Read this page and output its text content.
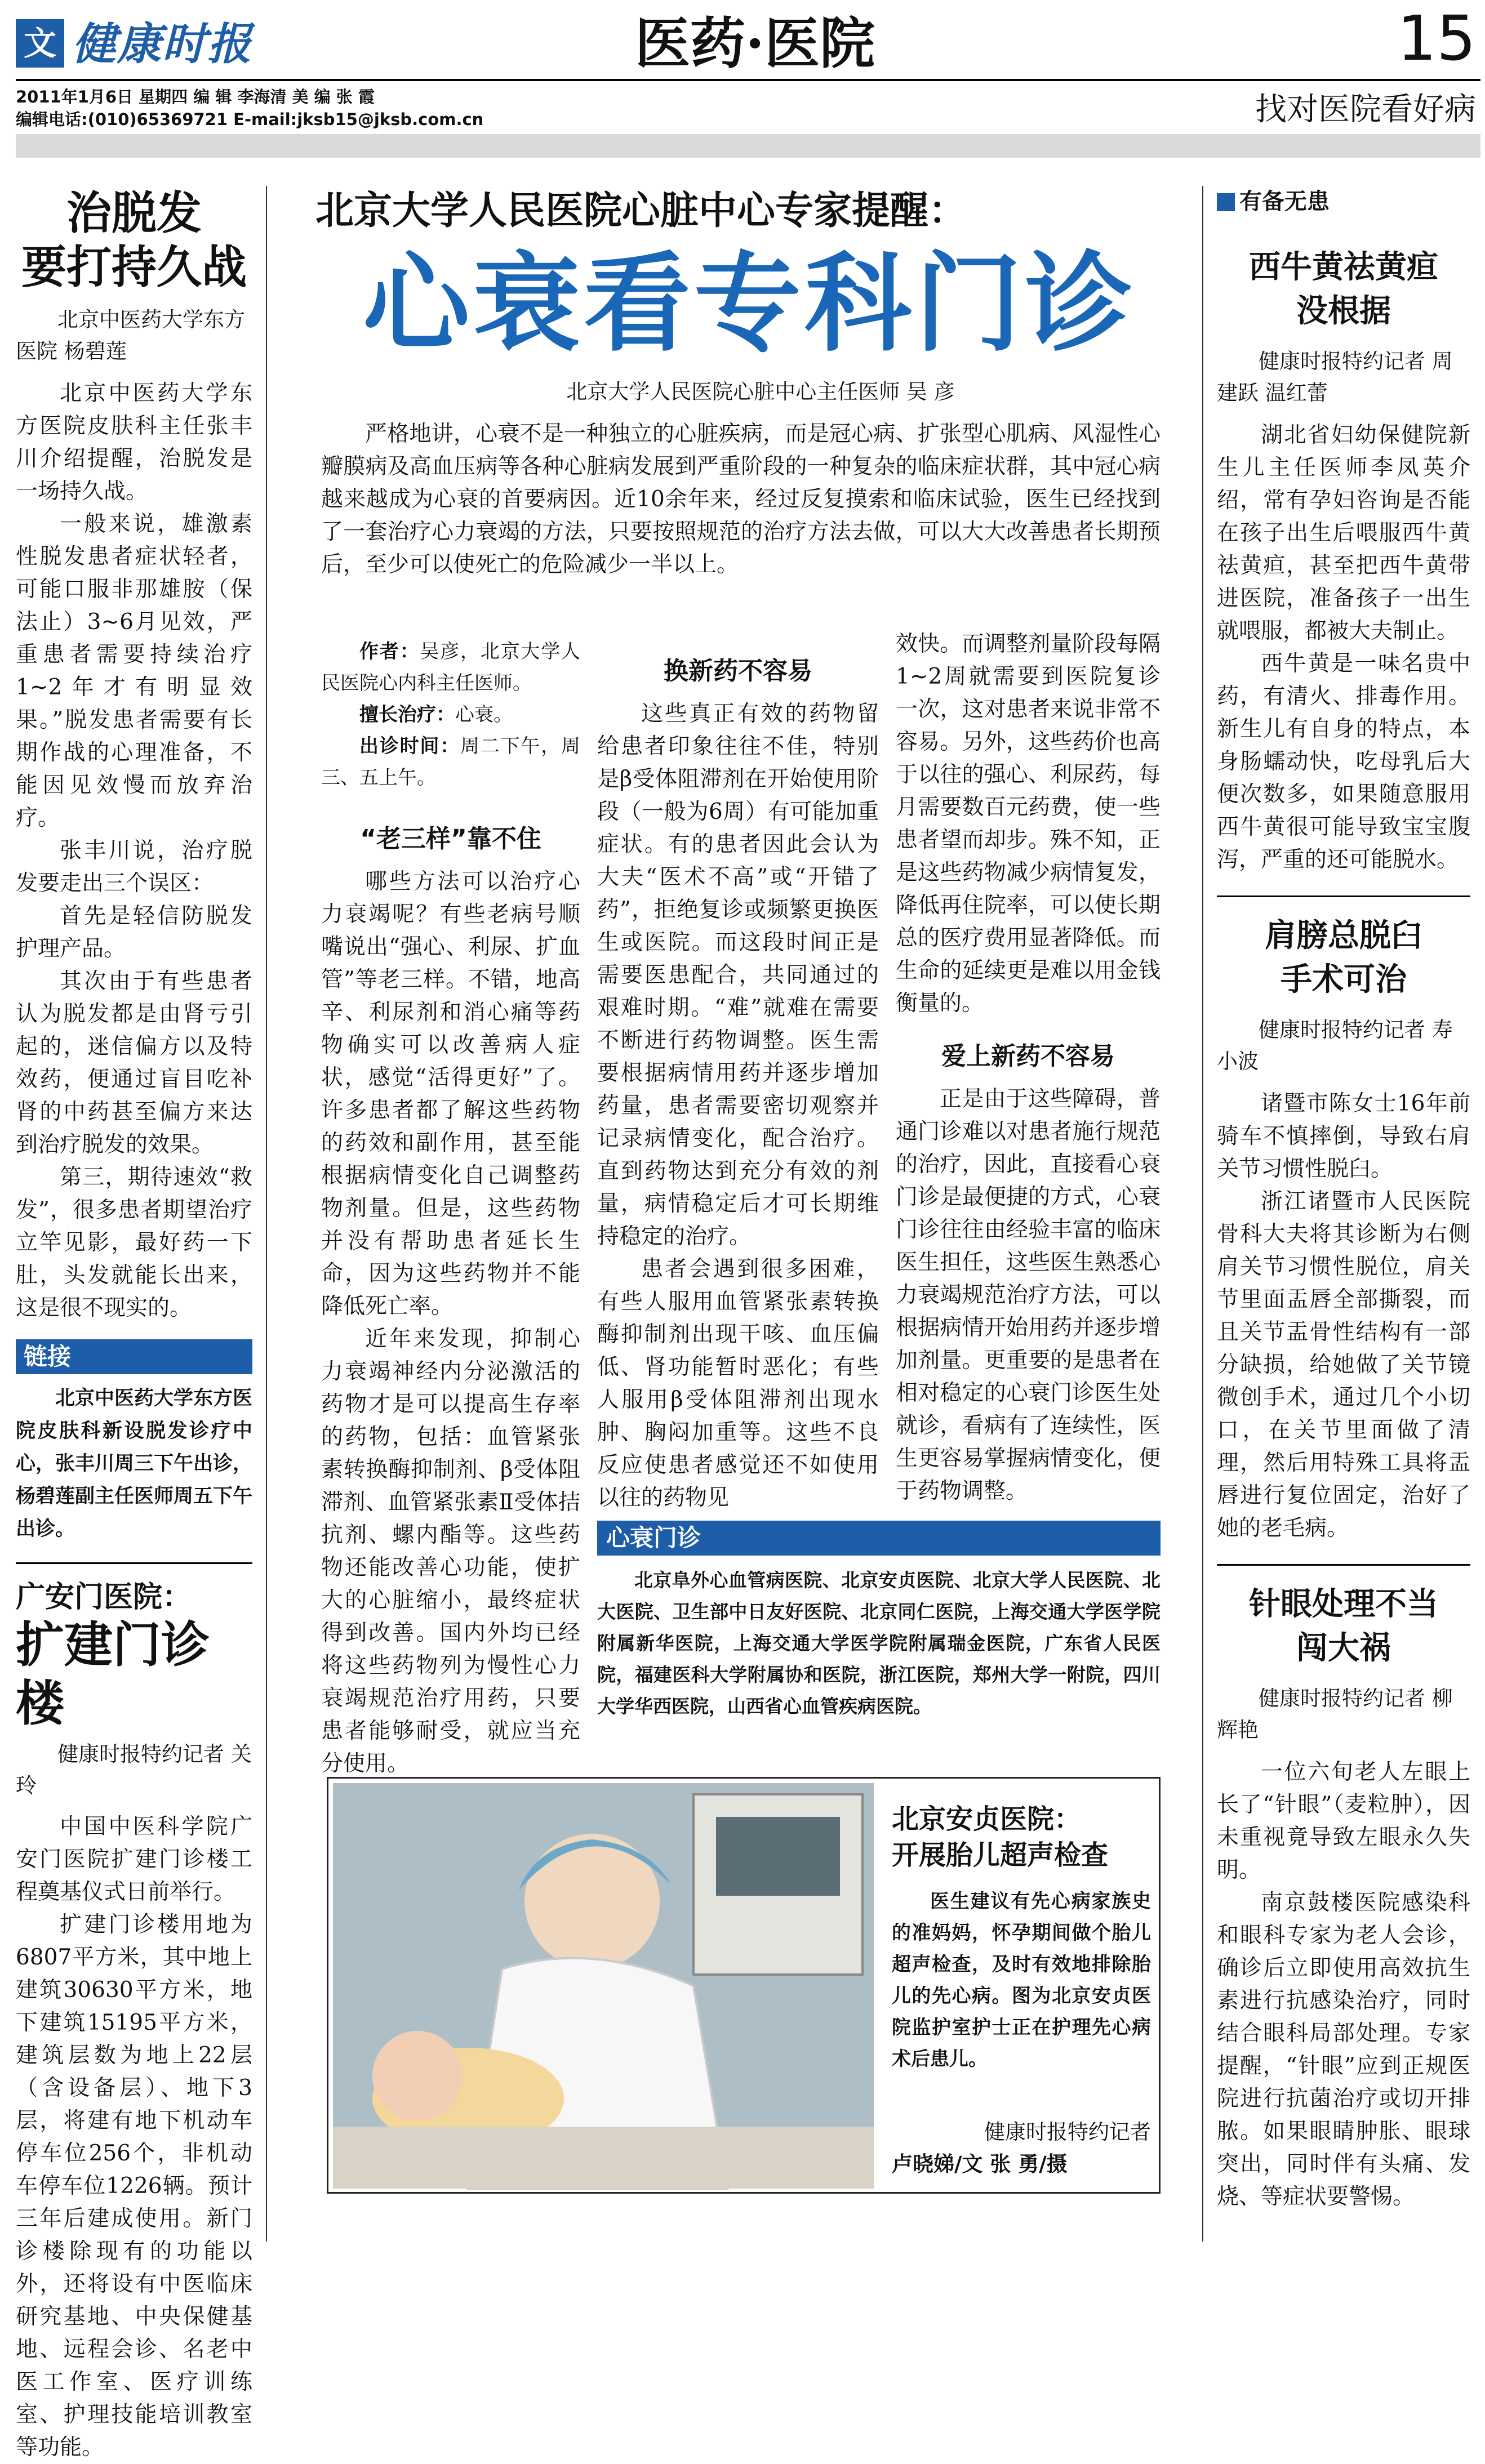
文 健康时报	医药·医院	15
2011年1月6日 星期四 编 辑 李海清 美 编 张 霞
编辑电话:(010)65369721 E-mail:jksb15@jksb.com.cn	找对医院看好病
治脱发
要打持久战
北京中医药大学东方医院 杨碧莲

北京中医药大学东方医院皮肤科主任张丰川介绍提醒，治脱发是一场持久战。

一般来说，雄激素性脱发患者症状轻者，可能口服非那雄胺（保法止）3~6月见效，严重患者需要持续治疗1~2年才有明显效果。”脱发患者需要有长期作战的心理准备，不能因见效慢而放弃治疗。

张丰川说，治疗脱发要走出三个误区：

首先是轻信防脱发护理产品。

其次由于有些患者认为脱发都是由肾亏引起的，迷信偏方以及特效药，便通过盲目吃补肾的中药甚至偏方来达到治疗脱发的效果。

第三，期待速效“救发”，很多患者期望治疗立竿见影，最好药一下肚，头发就能长出来，这是很不现实的。

链接
北京中医药大学东方医院皮肤科新设脱发诊疗中心，张丰川周三下午出诊，杨碧莲副主任医师周五下午出诊。
广安门医院：
扩建门诊楼
健康时报特约记者 关 玲

中国中医科学院广安门医院扩建门诊楼工程奠基仪式日前举行。

扩建门诊楼用地为6807平方米，其中地上建筑30630平方米，地下建筑15195平方米，建筑层数为地上22层（含设备层）、地下3层，将建有地下机动车停车位256个，非机动车停车位1226辆。预计三年后建成使用。新门诊楼除现有的功能以外，还将设有中医临床研究基地、中央保健基地、远程会诊、名老中医工作室、医疗训练室、护理技能培训教室等功能。

北京大学人民医院心脏中心专家提醒：
心衰看专科门诊
北京大学人民医院心脏中心主任医师 吴 彦
严格地讲，心衰不是一种独立的心脏疾病，而是冠心病、扩张型心肌病、风湿性心瓣膜病及高血压病等各种心脏病发展到严重阶段的一种复杂的临床症状群，其中冠心病越来越成为心衰的首要病因。近10余年来，经过反复摸索和临床试验，医生已经找到了一套治疗心力衰竭的方法，只要按照规范的治疗方法去做，可以大大改善患者长期预后，至少可以使死亡的危险减少一半以上。

作者：吴彦，北京大学人民医院心内科主任医师。

擅长治疗：心衰。

出诊时间：周二下午，周三、五上午。

“老三样”靠不住

哪些方法可以治疗心力衰竭呢？有些老病号顺嘴说出“强心、利尿、扩血管”等老三样。不错，地高辛、利尿剂和消心痛等药物确实可以改善病人症状，感觉“活得更好”了。许多患者都了解这些药物的药效和副作用，甚至能根据病情变化自己调整药物剂量。但是，这些药物并没有帮助患者延长生命，因为这些药物并不能降低死亡率。

近年来发现，抑制心力衰竭神经内分泌激活的药物才是可以提高生存率的药物，包括：血管紧张素转换酶抑制剂、β受体阻滞剂、血管紧张素Ⅱ受体拮抗剂、螺内酯等。这些药物还能改善心功能，使扩大的心脏缩小，最终症状得到改善。国内外均已经将这些药物列为慢性心力衰竭规范治疗用药，只要患者能够耐受，就应当充分使用。

换新药不容易

这些真正有效的药物留给患者印象往往不佳，特别是β受体阻滞剂在开始使用阶段（一般为6周）有可能加重症状。有的患者因此会认为大夫“医术不高”或“开错了药”，拒绝复诊或频繁更换医生或医院。而这段时间正是需要医患配合，共同通过的艰难时期。“难”就难在需要不断进行药物调整。医生需要根据病情用药并逐步增加药量，患者需要密切观察并记录病情变化，配合治疗。直到药物达到充分有效的剂量，病情稳定后才可长期维持稳定的治疗。

患者会遇到很多困难，有些人服用血管紧张素转换酶抑制剂出现干咳、血压偏低、肾功能暂时恶化；有些人服用β受体阻滞剂出现水肿、胸闷加重等。这些不良反应使患者感觉还不如使用以往的药物见

效快。而调整剂量阶段每隔1~2周就需要到医院复诊一次，这对患者来说非常不容易。另外，这些药价也高于以往的强心、利尿药，每月需要数百元药费，使一些患者望而却步。殊不知，正是这些药物减少病情复发，降低再住院率，可以使长期总的医疗费用显著降低。而生命的延续更是难以用金钱衡量的。
爱上新药不容易

正是由于这些障碍，普通门诊难以对患者施行规范的治疗，因此，直接看心衰门诊是最便捷的方式，心衰门诊往往由经验丰富的临床医生担任，这些医生熟悉心力衰竭规范治疗方法，可以根据病情开始用药并逐步增加剂量。更重要的是患者在相对稳定的心衰门诊医生处就诊，看病有了连续性，医生更容易掌握病情变化，便于药物调整。

心衰门诊
北京阜外心血管病医院、北京安贞医院、北京大学人民医院、北大医院、卫生部中日友好医院、北京同仁医院，上海交通大学医学院附属新华医院，上海交通大学医学院附属瑞金医院，广东省人民医院，福建医科大学附属协和医院，浙江医院，郑州大学一附院，四川大学华西医院，山西省心血管疾病医院。
北京安贞医院：
开展胎儿超声检查
医生建议有先心病家族史的准妈妈，怀孕期间做个胎儿超声检查，及时有效地排除胎儿的先心病。图为北京安贞医院监护室护士正在护理先心病术后患儿。
健康时报特约记者
卢晓娣/文 张 勇/摄
有备无患
西牛黄祛黄疸
没根据
健康时报特约记者 周建跃 温红蕾

湖北省妇幼保健院新生儿主任医师李凤英介绍，常有孕妇咨询是否能在孩子出生后喂服西牛黄祛黄疸，甚至把西牛黄带进医院，准备孩子一出生就喂服，都被大夫制止。

西牛黄是一味名贵中药，有清火、排毒作用。新生儿有自身的特点，本身肠蠕动快，吃母乳后大便次数多，如果随意服用西牛黄很可能导致宝宝腹泻，严重的还可能脱水。

肩膀总脱臼
手术可治
健康时报特约记者 寿小波

诸暨市陈女士16年前骑车不慎摔倒，导致右肩关节习惯性脱臼。

浙江诸暨市人民医院骨科大夫将其诊断为右侧肩关节习惯性脱位，肩关节里面盂唇全部撕裂，而且关节盂骨性结构有一部分缺损，给她做了关节镜微创手术，通过几个小切口，在关节里面做了清理，然后用特殊工具将盂唇进行复位固定，治好了她的老毛病。

针眼处理不当
闯大祸
健康时报特约记者 柳辉艳

一位六旬老人左眼上长了“针眼”（麦粒肿），因未重视竟导致左眼永久失明。

南京鼓楼医院感染科和眼科专家为老人会诊，确诊后立即使用高效抗生素进行抗感染治疗，同时结合眼科局部处理。专家提醒，“针眼”应到正规医院进行抗菌治疗或切开排脓。如果眼睛肿胀、眼球突出，同时伴有头痛、发烧、等症状要警惕。
